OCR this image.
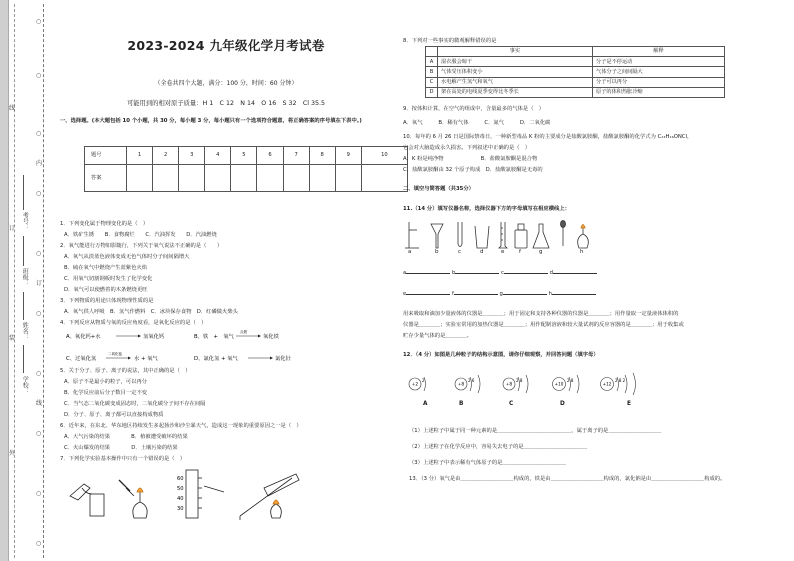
○
○
○
○
○
○
○
○
○
○
线
订
装
外
内
订
线
考号：
班级：
姓名：
学校：
2023-2024 九年级化学月考试卷
（全卷共四个大题，满分：100 分，时间：60 分钟）
可能用到的相对原子质量：H 1　C 12　N 14　O 16　S 32　Cl 35.5
一、选择题。(本大题包括 10 个小题，共 30 分，每小题 3 分，每小题只有一个选项符合题意，将正确答案的序号填在下表中。)
题号	1	2	3	4	5	6	7	8	9	10
答案										
1．下列变化属于物理变化的是（　）
A．铁矿生锈　　B．食物腐烂　　C．汽油挥发　　D．汽油燃烧
2．氧气能进行万物如影随行，下列关于氧气说法不正确的是（　　）
A．氧气从淡蓝色液体变成无色气体时分子间间隔增大
B．硫在氧气中燃烧产生蓝紫色火焰
C．用氧气切割钢板时发生了化学变化
D．氧气可以使燃着的木条燃烧更旺
3．下列物质的用途只体现物理性质的是
A．氧气供人呼吸　B．氢气作燃料　C．冰块保存食物　D．红磷做火柴头
4．下列反应从物质与氧的反应角度看，是氧化反应的是（　）
A、氧化钙+水	氢氧化钙	B、铁　+　氧气
点燃
氧化铁
C、过氧化氢
二氧化锰
水 + 氧气	D、氯化氢 + 氧气	氯化钍
5．关于分子、原子、离子的说法，其中正确的是（　）
A．原子不是最小的粒子，可以再分
B．化学反应前后分子数目一定不变
C．当气态二氧化碳变成固态时，二氧化碳分子间不存在间隔
D．分子、原子、离子都可以直接构成物质
6．近年来，在东北、华东地区持续发生多起扬沙和沙尘暴天气，造成这一现象的重要原因之一是（　）
A．大气污染的结果　　　　B．植被遭受破坏的结果
C．火山爆发的结果　　　　D．土壤污染的结果
7．下列化学实验基本操作中只有一个错误的是（　）
60
50
40
30
8．下列对一些事实的微观解释错误的是
	事实	解释
A	湿衣服会晾干	分子是不停运动
B	气体受压体积变小	气体分子之间间隔大
C	水电解产生氢气和氧气	分子可以再分
D	架在高处的电线夏季变得比冬季长	原子的体积热胀冷缩
9．按体积计算，在空气的组成中，含量最多的气体是（　）
A．氧气　　　B．稀有气体　　　C．氮气　　　D．二氧化碳
10．每年的 6 月 26 日是国际禁毒日，一种新型毒品 K 粉的主要成分是盐酸氯胺酮，盐酸氯胺酮的化学式为 C₁₃H₁₆ONCl，
它会对大脑造成永久损害。下列叙述中正确的是（　）
A．K 粉是纯净物　　　　　　　B．盐酸氯胺酮是混合物
C．盐酸氯胺酮由 32 个原子构成　D．盐酸氯胺酮是无毒的
二、填空与简答题（共35分）
11.（14 分）填写仪器名称，选择仪器下方的字母填写在相应横线上：
a	b	c	d	e	f	g	h
a	b	c	d
e	f	g	h
用来吸取和滴加少量液体的仪器是＿＿＿＿；用于固定和支持各种仪器的仪器是＿＿＿＿；用作量取一定量液体体积的
仪器是＿＿＿＿；实验室常用的加热仪器是＿＿＿＿；用作配制溶液和较大量试剂的反应容器的是＿＿＿＿；用于收集或
贮存少量气体的是＿＿＿＿。
12．（4 分）如图是几种粒子的结构示意图，请你仔细观察，并回答问题（填字母）
+2	+8	+8	+10	+12
2	2 6	2 8	2 8	2 8 2
A	B	C	D	E
（1）上述粒子中属于同一种元素的是＿＿＿＿＿＿＿＿＿＿＿＿＿＿，属于离子的是＿＿＿＿＿＿＿＿＿＿
（2）上述粒子在化学反应中，容易失去电子的是＿＿＿＿＿＿＿＿＿＿＿＿
（3）上述粒子中表示稀有气体原子的是＿＿＿＿＿＿＿＿＿＿＿＿
13．（3 分）氧气是由＿＿＿＿＿＿＿＿＿＿构成的，铁是由＿＿＿＿＿＿＿＿＿＿构成的，氯化钠是由＿＿＿＿＿＿＿＿＿＿构成的。
